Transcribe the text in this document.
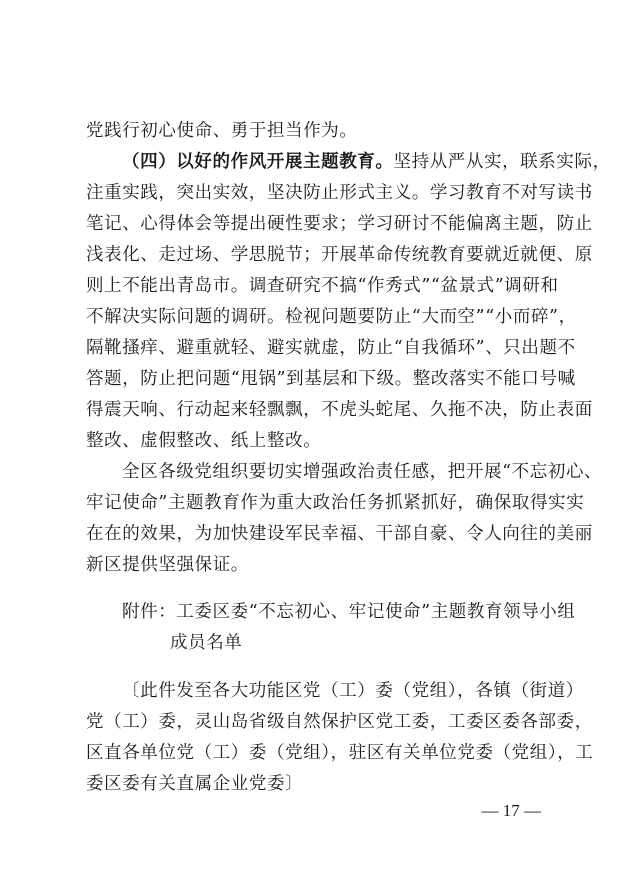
党践行初心使命、勇于担当作为。
（四）以好的作风开展主题教育。坚持从严从实，联系实际，
注重实践，突出实效，坚决防止形式主义。学习教育不对写读书
笔记、心得体会等提出硬性要求；学习研讨不能偏离主题，防止
浅表化、走过场、学思脱节；开展革命传统教育要就近就便、原
则上不能出青岛市。调查研究不搞“作秀式”“盆景式”调研和
不解决实际问题的调研。检视问题要防止“大而空”“小而碎”，
隔靴搔痒、避重就轻、避实就虚，防止“自我循环”、只出题不
答题，防止把问题“甩锅”到基层和下级。整改落实不能口号喊
得震天响、行动起来轻飘飘，不虎头蛇尾、久拖不决，防止表面
整改、虚假整改、纸上整改。
全区各级党组织要切实增强政治责任感，把开展“不忘初心、
牢记使命”主题教育作为重大政治任务抓紧抓好，确保取得实实
在在的效果，为加快建设军民幸福、干部自豪、令人向往的美丽
新区提供坚强保证。
附件：工委区委“不忘初心、牢记使命”主题教育领导小组
成员名单
〔此件发至各大功能区党（工）委（党组），各镇（街道）
党（工）委，灵山岛省级自然保护区党工委，工委区委各部委，
区直各单位党（工）委（党组），驻区有关单位党委（党组），工
委区委有关直属企业党委〕
— 17 —
